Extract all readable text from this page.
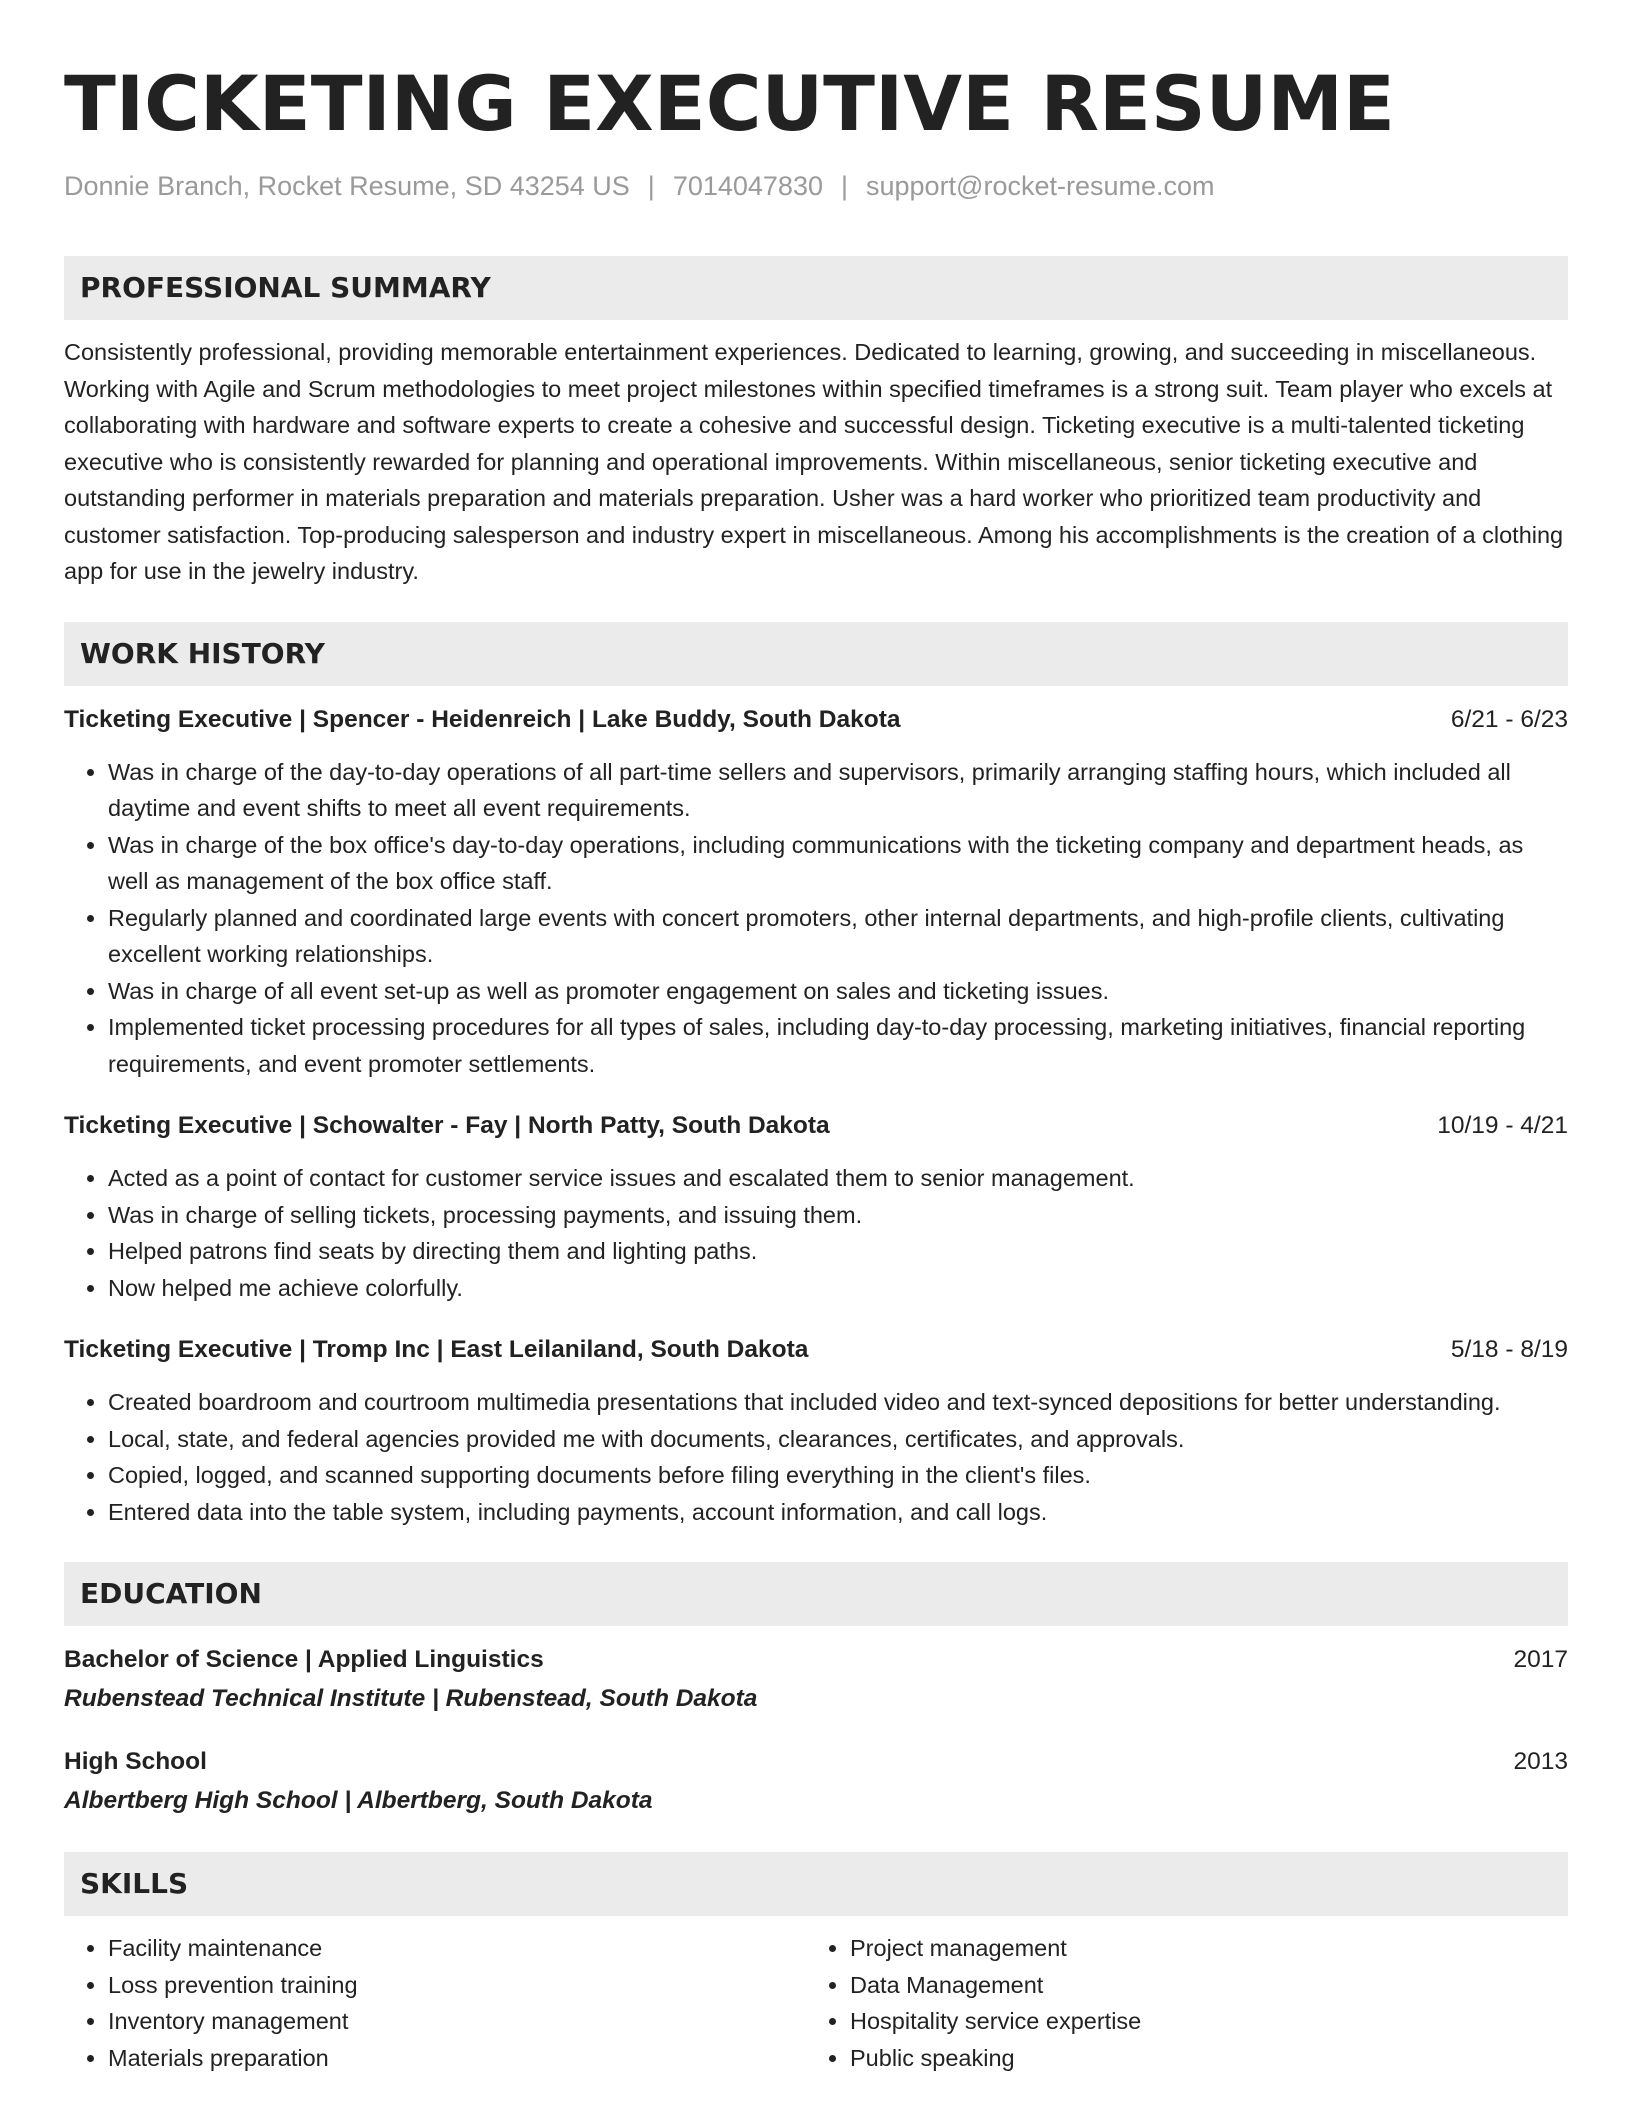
TICKETING EXECUTIVE RESUME
Donnie Branch, Rocket Resume, SD 43254 US | 7014047830 | support@rocket-resume.com
PROFESSIONAL SUMMARY
Consistently professional, providing memorable entertainment experiences. Dedicated to learning, growing, and succeeding in miscellaneous. Working with Agile and Scrum methodologies to meet project milestones within specified timeframes is a strong suit. Team player who excels at collaborating with hardware and software experts to create a cohesive and successful design. Ticketing executive is a multi-talented ticketing executive who is consistently rewarded for planning and operational improvements. Within miscellaneous, senior ticketing executive and outstanding performer in materials preparation and materials preparation. Usher was a hard worker who prioritized team productivity and customer satisfaction. Top-producing salesperson and industry expert in miscellaneous. Among his accomplishments is the creation of a clothing app for use in the jewelry industry.
WORK HISTORY
Ticketing Executive | Spencer - Heidenreich | Lake Buddy, South Dakota	6/21 - 6/23
• Was in charge of the day-to-day operations of all part-time sellers and supervisors, primarily arranging staffing hours, which included all daytime and event shifts to meet all event requirements.
• Was in charge of the box office's day-to-day operations, including communications with the ticketing company and department heads, as well as management of the box office staff.
• Regularly planned and coordinated large events with concert promoters, other internal departments, and high-profile clients, cultivating excellent working relationships.
• Was in charge of all event set-up as well as promoter engagement on sales and ticketing issues.
• Implemented ticket processing procedures for all types of sales, including day-to-day processing, marketing initiatives, financial reporting requirements, and event promoter settlements.
Ticketing Executive | Schowalter - Fay | North Patty, South Dakota	10/19 - 4/21
• Acted as a point of contact for customer service issues and escalated them to senior management.
• Was in charge of selling tickets, processing payments, and issuing them.
• Helped patrons find seats by directing them and lighting paths.
• Now helped me achieve colorfully.
Ticketing Executive | Tromp Inc | East Leilaniland, South Dakota	5/18 - 8/19
• Created boardroom and courtroom multimedia presentations that included video and text-synced depositions for better understanding.
• Local, state, and federal agencies provided me with documents, clearances, certificates, and approvals.
• Copied, logged, and scanned supporting documents before filing everything in the client's files.
• Entered data into the table system, including payments, account information, and call logs.
EDUCATION
Bachelor of Science | Applied Linguistics	2017
Rubenstead Technical Institute | Rubenstead, South Dakota
High School	2013
Albertberg High School | Albertberg, South Dakota
SKILLS
• Facility maintenance
• Loss prevention training
• Inventory management
• Materials preparation
• Project management
• Data Management
• Hospitality service expertise
• Public speaking
